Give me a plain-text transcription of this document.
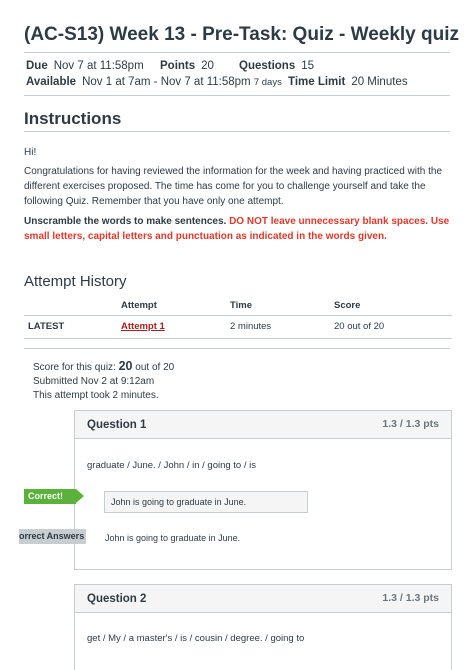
(AC-S13) Week 13 - Pre-Task: Quiz - Weekly quiz
Due Nov 7 at 11:58pm Points 20 Questions 15
Available Nov 1 at 7am - Nov 7 at 11:58pm 7 days Time Limit 20 Minutes
Instructions
Hi!
Congratulations for having reviewed the information for the week and having practiced with the different exercises proposed. The time has come for you to challenge yourself and take the following Quiz. Remember that you have only one attempt.
Unscramble the words to make sentences. DO NOT leave unnecessary blank spaces. Use small letters, capital letters and punctuation as indicated in the words given.
Attempt History
	Attempt	Time	Score
LATEST	Attempt 1	2 minutes	20 out of 20
Score for this quiz: 20 out of 20
Submitted Nov 2 at 9:12am
This attempt took 2 minutes.
Question 1	1.3 / 1.3 pts
graduate / June. / John / in / going to / is
John is going to graduate in June.
John is going to graduate in June.
Correct!
orrect Answers
Question 2	1.3 / 1.3 pts
get / My / a master's / is / cousin / degree. / going to
